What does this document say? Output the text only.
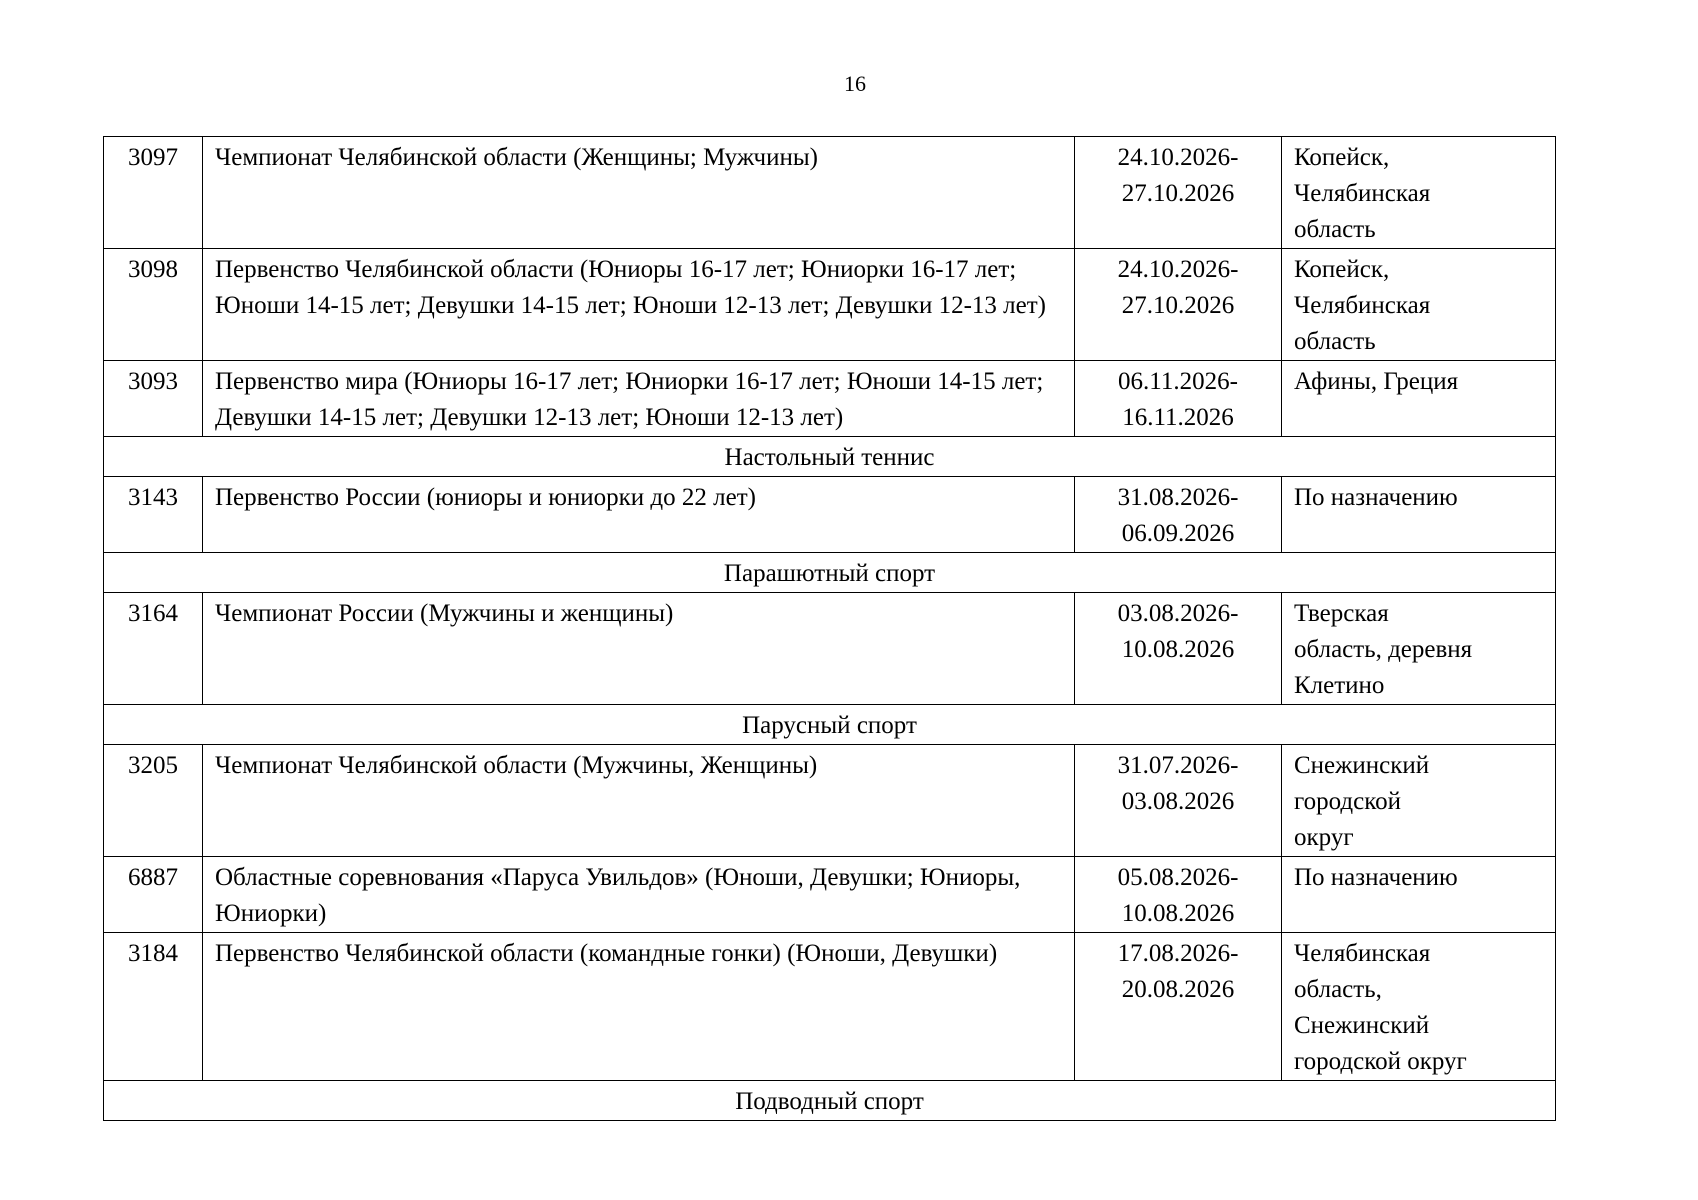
16
3097	Чемпионат Челябинской области (Женщины; Мужчины)	24.10.2026-
27.10.2026	Копейск,
Челябинская
область

3098	Первенство Челябинской области (Юниоры 16-17 лет; Юниорки 16-17 лет; Юноши 14-15 лет; Девушки 14-15 лет; Юноши 12-13 лет; Девушки 12-13 лет)	24.10.2026-
27.10.2026	Копейск,
Челябинская
область

3093	Первенство мира (Юниоры 16-17 лет; Юниорки 16-17 лет; Юноши 14-15 лет; Девушки 14-15 лет; Девушки 12-13 лет; Юноши 12-13 лет)	06.11.2026-
16.11.2026	Афины, Греция

Настольный теннис			
3143	Первенство России (юниоры и юниорки до 22 лет)	31.08.2026-
06.09.2026	По назначению

Парашютный спорт			
3164	Чемпионат России (Мужчины и женщины)	03.08.2026-
10.08.2026	Тверская
область, деревня
Клетино

Парусный спорт			
3205	Чемпионат Челябинской области (Мужчины, Женщины)	31.07.2026-
03.08.2026	Снежинский
городской
округ

6887	Областные соревнования «Паруса Увильдов» (Юноши, Девушки; Юниоры, Юниорки)	05.08.2026-
10.08.2026	По назначению

3184	Первенство Челябинской области (командные гонки) (Юноши, Девушки)	17.08.2026-
20.08.2026	Челябинская
область,
Снежинский
городской округ

Подводный спорт			
